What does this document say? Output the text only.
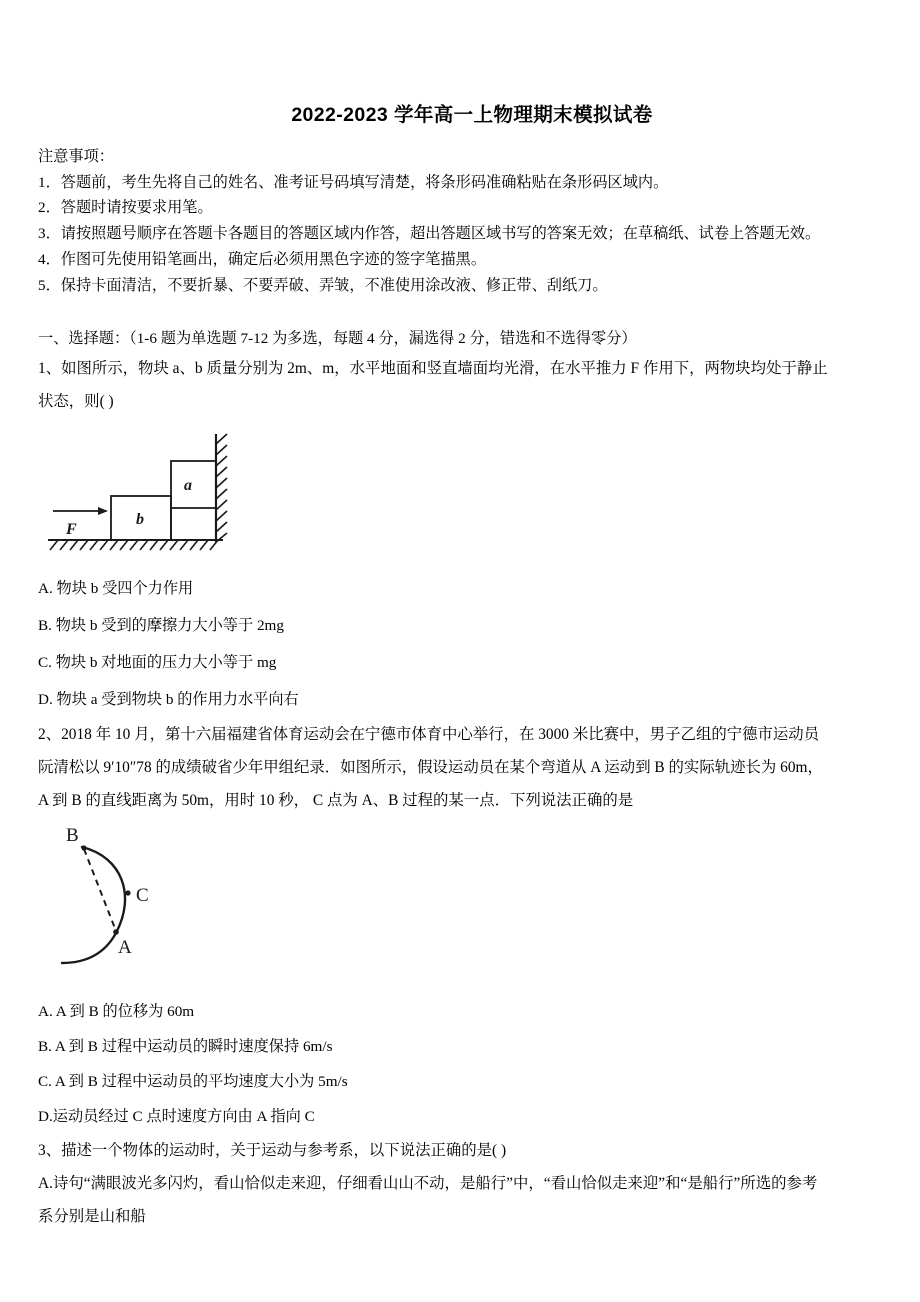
2022-2023 学年高一上物理期末模拟试卷
注意事项：
1．答题前，考生先将自己的姓名、准考证号码填写清楚，将条形码准确粘贴在条形码区域内。
2．答题时请按要求用笔。
3．请按照题号顺序在答题卡各题目的答题区域内作答，超出答题区域书写的答案无效；在草稿纸、试卷上答题无效。
4．作图可先使用铅笔画出，确定后必须用黑色字迹的签字笔描黑。
5．保持卡面清洁，不要折暴、不要弄破、弄皱，不准使用涂改液、修正带、刮纸刀。
一、选择题：（1-6 题为单选题 7-12 为多选，每题 4 分，漏选得 2 分，错选和不选得零分）
1、如图所示，物块 a、b 质量分别为 2m、m，水平地面和竖直墙面均光滑，在水平推力 F 作用下，两物块均处于静止
状态，则( )
a
b
F
A. 物块 b 受四个力作用
B. 物块 b 受到的摩擦力大小等于 2mg
C. 物块 b 对地面的压力大小等于 mg
D. 物块 a 受到物块 b 的作用力水平向右
2、2018 年 10 月，第十六届福建省体育运动会在宁德市体育中心举行，在 3000 米比赛中，男子乙组的宁德市运动员
阮清松以 9′10″78 的成绩破省少年甲组纪录．如图所示，假设运动员在某个弯道从 A 运动到 B 的实际轨迹长为 60m，
A 到 B 的直线距离为 50m，用时 10 秒， C 点为 A、B 过程的某一点．下列说法正确的是
B
C
A
A. A 到 B 的位移为 60m
B. A 到 B 过程中运动员的瞬时速度保持 6m/s
C. A 到 B 过程中运动员的平均速度大小为 5m/s
D.运动员经过 C 点时速度方向由 A 指向 C
3、描述一个物体的运动时，关于运动与参考系，以下说法正确的是( )
A.诗句“满眼波光多闪灼，看山恰似走来迎，仔细看山山不动，是船行”中，“看山恰似走来迎”和“是船行”所选的参考
系分别是山和船
